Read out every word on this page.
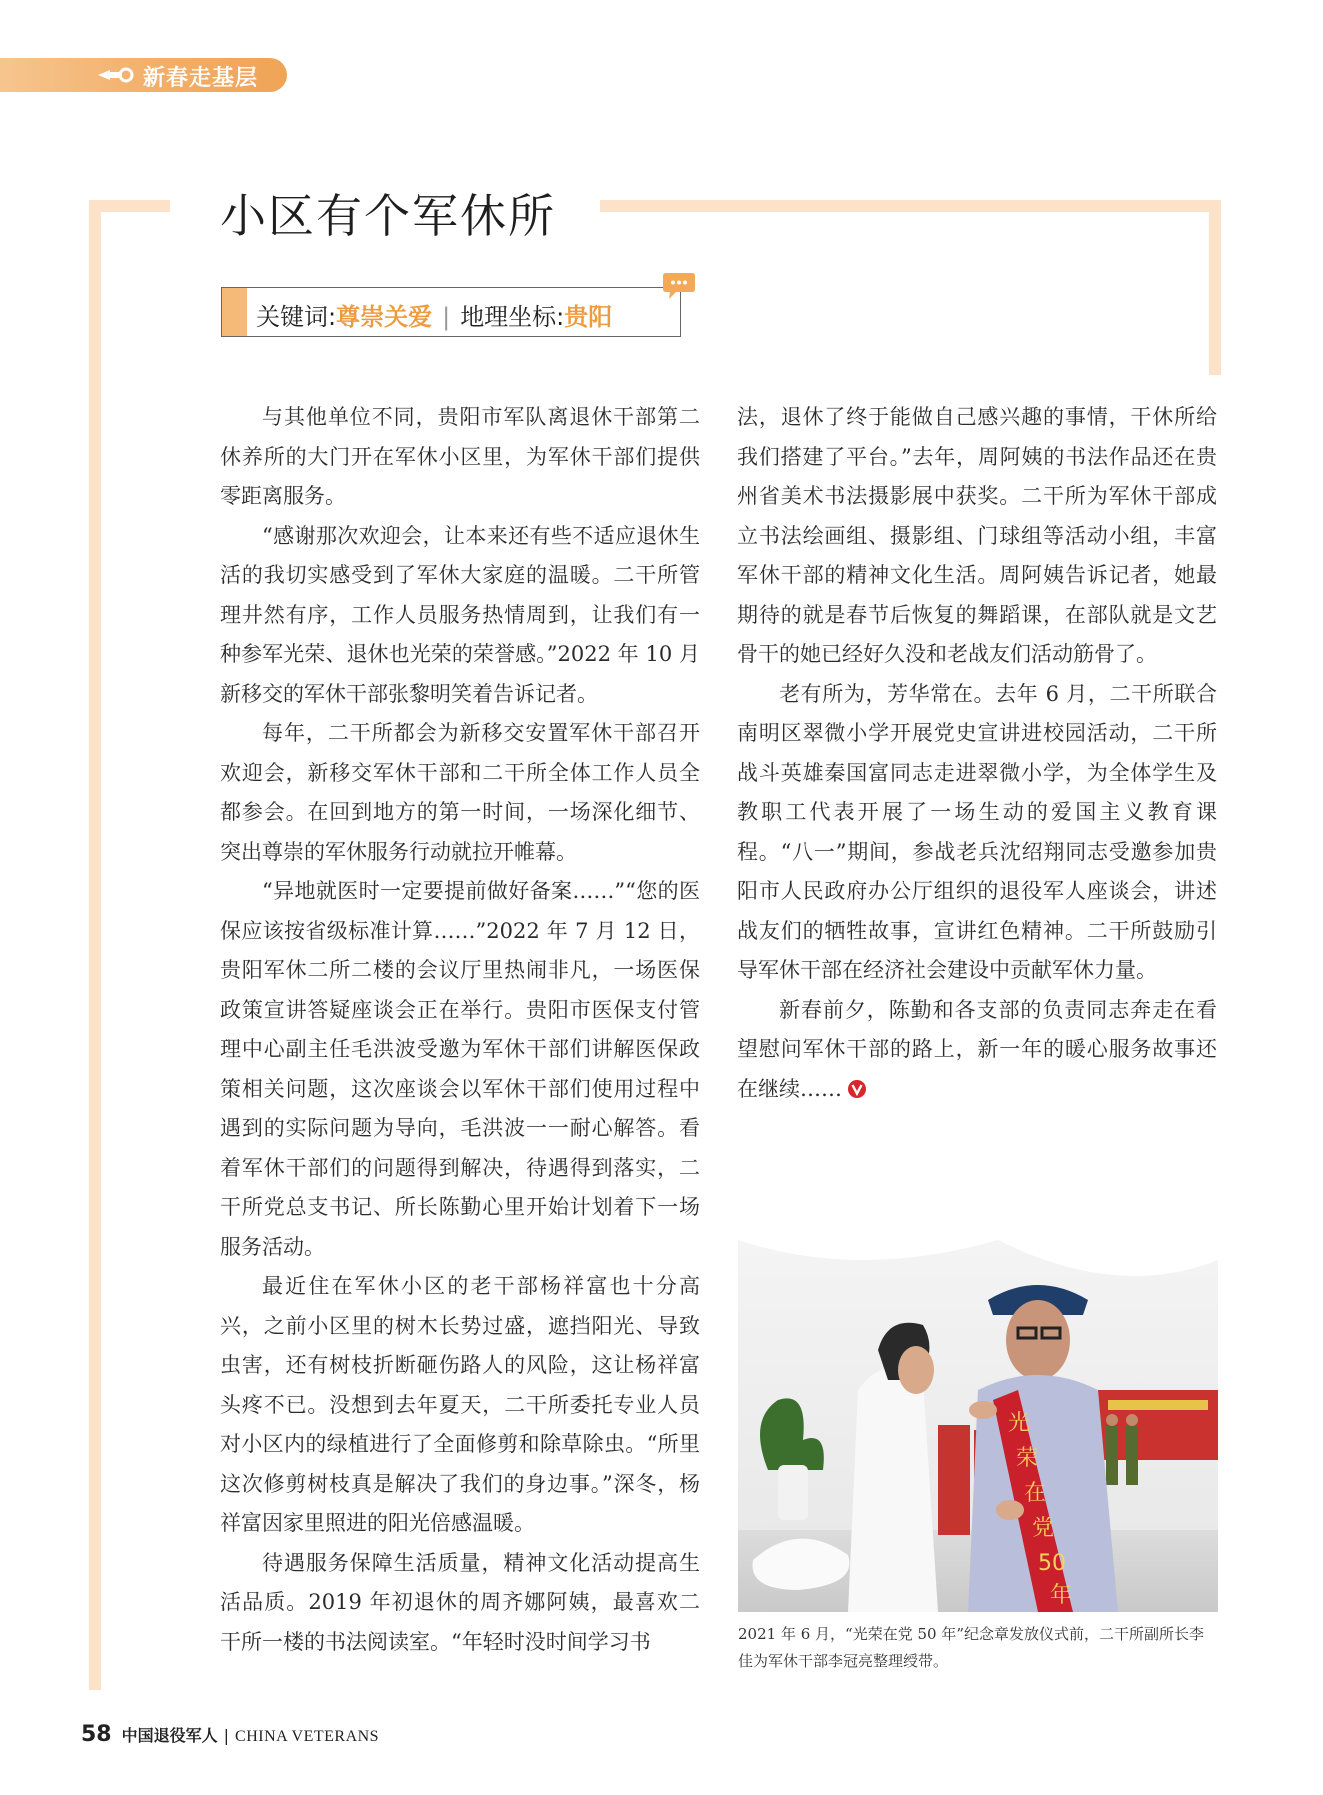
新春走基层
小区有个军休所
关键词:尊崇关爱 | 地理坐标:贵阳

与其他单位不同，贵阳市军队离退休干部第二休养所的大门开在军休小区里，为军休干部们提供零距离服务。

“感谢那次欢迎会，让本来还有些不适应退休生活的我切实感受到了军休大家庭的温暖。二干所管理井然有序，工作人员服务热情周到，让我们有一种参军光荣、退休也光荣的荣誉感。”2022 年 10 月新移交的军休干部张黎明笑着告诉记者。

每年，二干所都会为新移交安置军休干部召开欢迎会，新移交军休干部和二干所全体工作人员全都参会。在回到地方的第一时间，一场深化细节、突出尊崇的军休服务行动就拉开帷幕。

“异地就医时一定要提前做好备案……”“您的医保应该按省级标准计算……”2022 年 7 月 12 日，贵阳军休二所二楼的会议厅里热闹非凡，一场医保政策宣讲答疑座谈会正在举行。贵阳市医保支付管理中心副主任毛洪波受邀为军休干部们讲解医保政策相关问题，这次座谈会以军休干部们使用过程中遇到的实际问题为导向，毛洪波一一耐心解答。看着军休干部们的问题得到解决，待遇得到落实，二干所党总支书记、所长陈勤心里开始计划着下一场服务活动。

最近住在军休小区的老干部杨祥富也十分高兴，之前小区里的树木长势过盛，遮挡阳光、导致虫害，还有树枝折断砸伤路人的风险，这让杨祥富头疼不已。没想到去年夏天，二干所委托专业人员对小区内的绿植进行了全面修剪和除草除虫。“所里这次修剪树枝真是解决了我们的身边事。”深冬，杨祥富因家里照进的阳光倍感温暖。

待遇服务保障生活质量，精神文化活动提高生活品质。2019 年初退休的周齐娜阿姨，最喜欢二干所一楼的书法阅读室。“年轻时没时间学习书

法，退休了终于能做自己感兴趣的事情，干休所给我们搭建了平台。”去年，周阿姨的书法作品还在贵州省美术书法摄影展中获奖。二干所为军休干部成立书法绘画组、摄影组、门球组等活动小组，丰富军休干部的精神文化生活。周阿姨告诉记者，她最期待的就是春节后恢复的舞蹈课，在部队就是文艺骨干的她已经好久没和老战友们活动筋骨了。

老有所为，芳华常在。去年 6 月，二干所联合南明区翠微小学开展党史宣讲进校园活动，二干所战斗英雄秦国富同志走进翠微小学，为全体学生及教职工代表开展了一场生动的爱国主义教育课程。“八一”期间，参战老兵沈绍翔同志受邀参加贵阳市人民政府办公厅组织的退役军人座谈会，讲述战友们的牺牲故事，宣讲红色精神。二干所鼓励引导军休干部在经济社会建设中贡献军休力量。

新春前夕，陈勤和各支部的负责同志奔走在看望慰问军休干部的路上，新一年的暖心服务故事还在继续……

光
荣
在
党
50
年
2021 年 6 月，“光荣在党 50 年”纪念章发放仪式前，二干所副所长李佳为军休干部李冠亮整理绶带。
58 中国退役军人 | CHINA VETERANS
